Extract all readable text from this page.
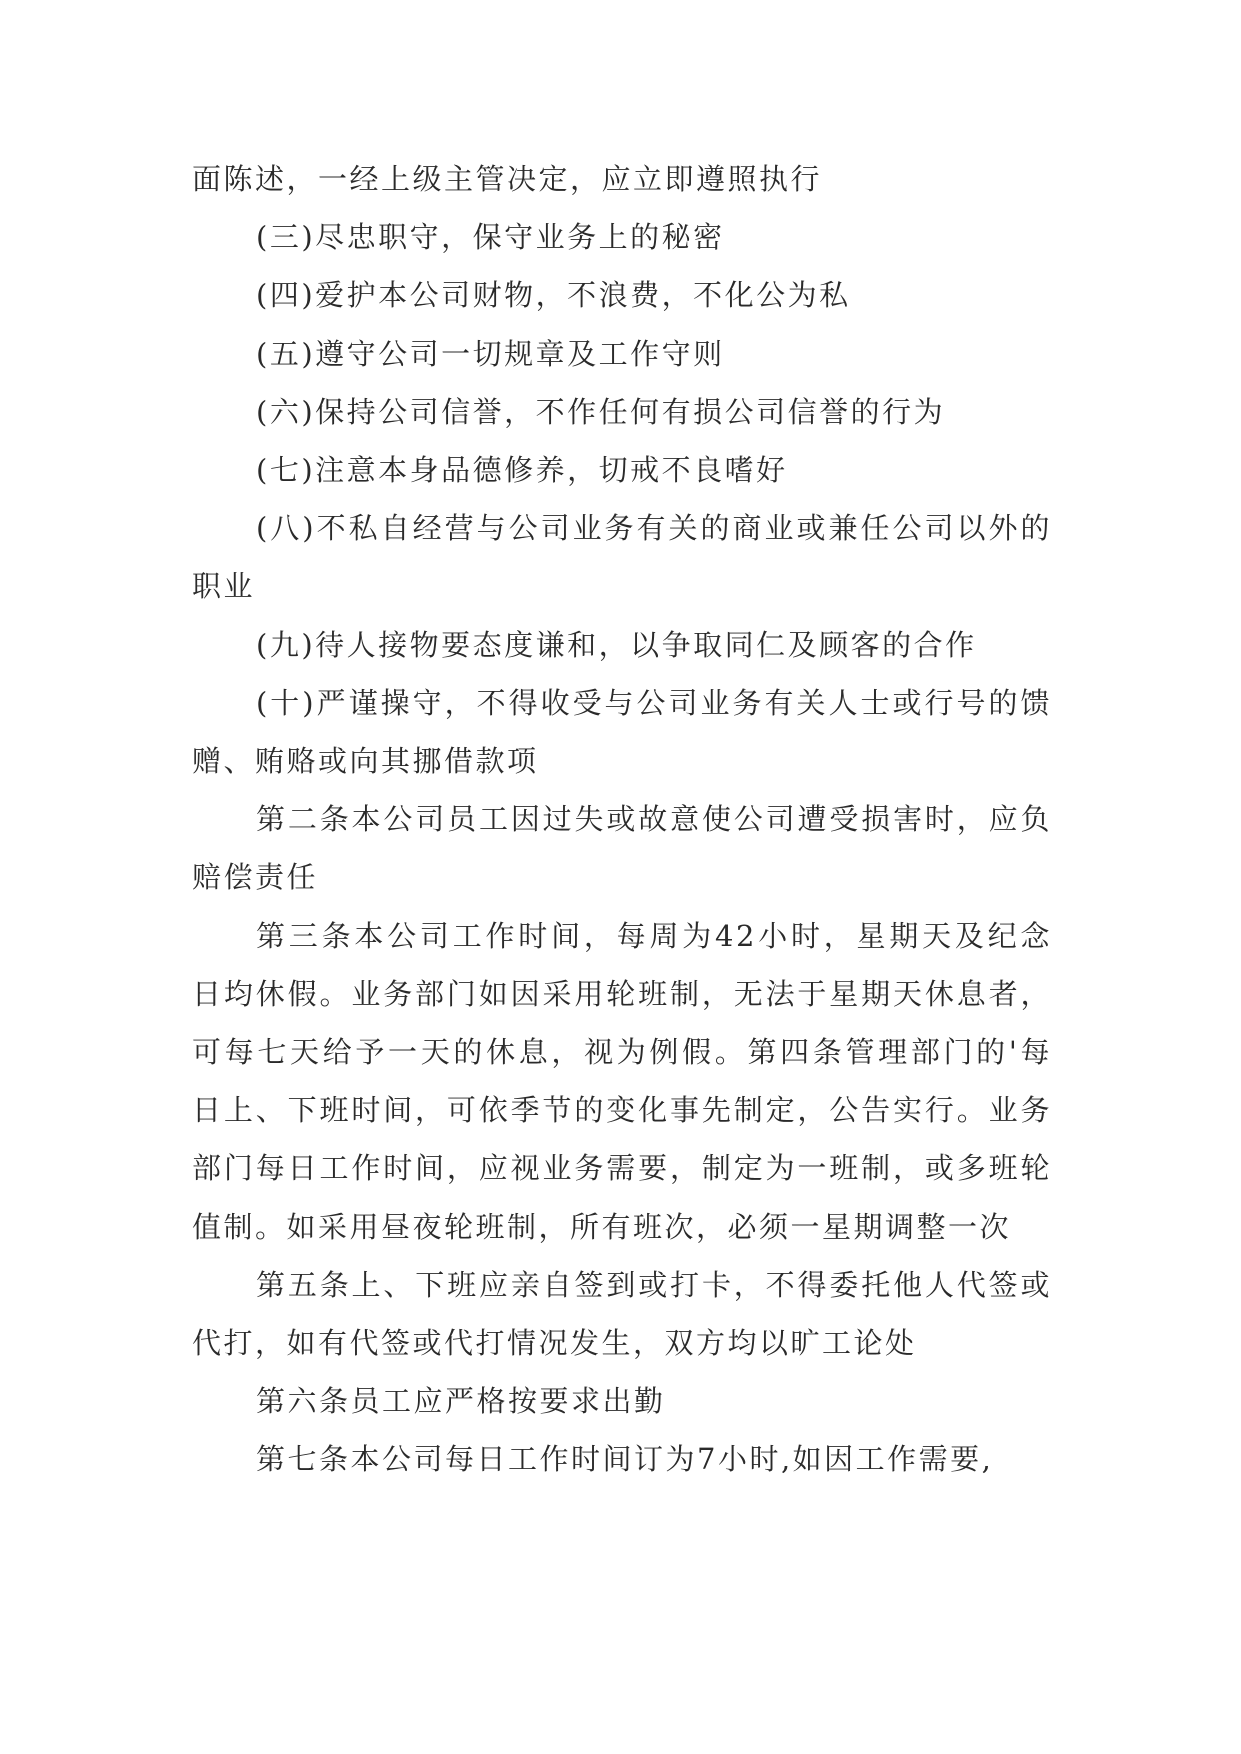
面陈述，一经上级主管决定，应立即遵照执行

(三)尽忠职守，保守业务上的秘密

(四)爱护本公司财物，不浪费，不化公为私

(五)遵守公司一切规章及工作守则

(六)保持公司信誉，不作任何有损公司信誉的行为

(七)注意本身品德修养，切戒不良嗜好

(八)不私自经营与公司业务有关的商业或兼任公司以外的职业

(九)待人接物要态度谦和，以争取同仁及顾客的合作

(十)严谨操守，不得收受与公司业务有关人士或行号的馈赠、贿赂或向其挪借款项

第二条本公司员工因过失或故意使公司遭受损害时，应负赔偿责任

第三条本公司工作时间，每周为42小时，星期天及纪念日均休假。业务部门如因采用轮班制，无法于星期天休息者，可每七天给予一天的休息，视为例假。第四条管理部门的'每日上、下班时间，可依季节的变化事先制定，公告实行。业务部门每日工作时间，应视业务需要，制定为一班制，或多班轮值制。如采用昼夜轮班制，所有班次，必须一星期调整一次

第五条上、下班应亲自签到或打卡，不得委托他人代签或代打，如有代签或代打情况发生，双方均以旷工论处

第六条员工应严格按要求出勤

第七条本公司每日工作时间订为7小时,如因工作需要,
